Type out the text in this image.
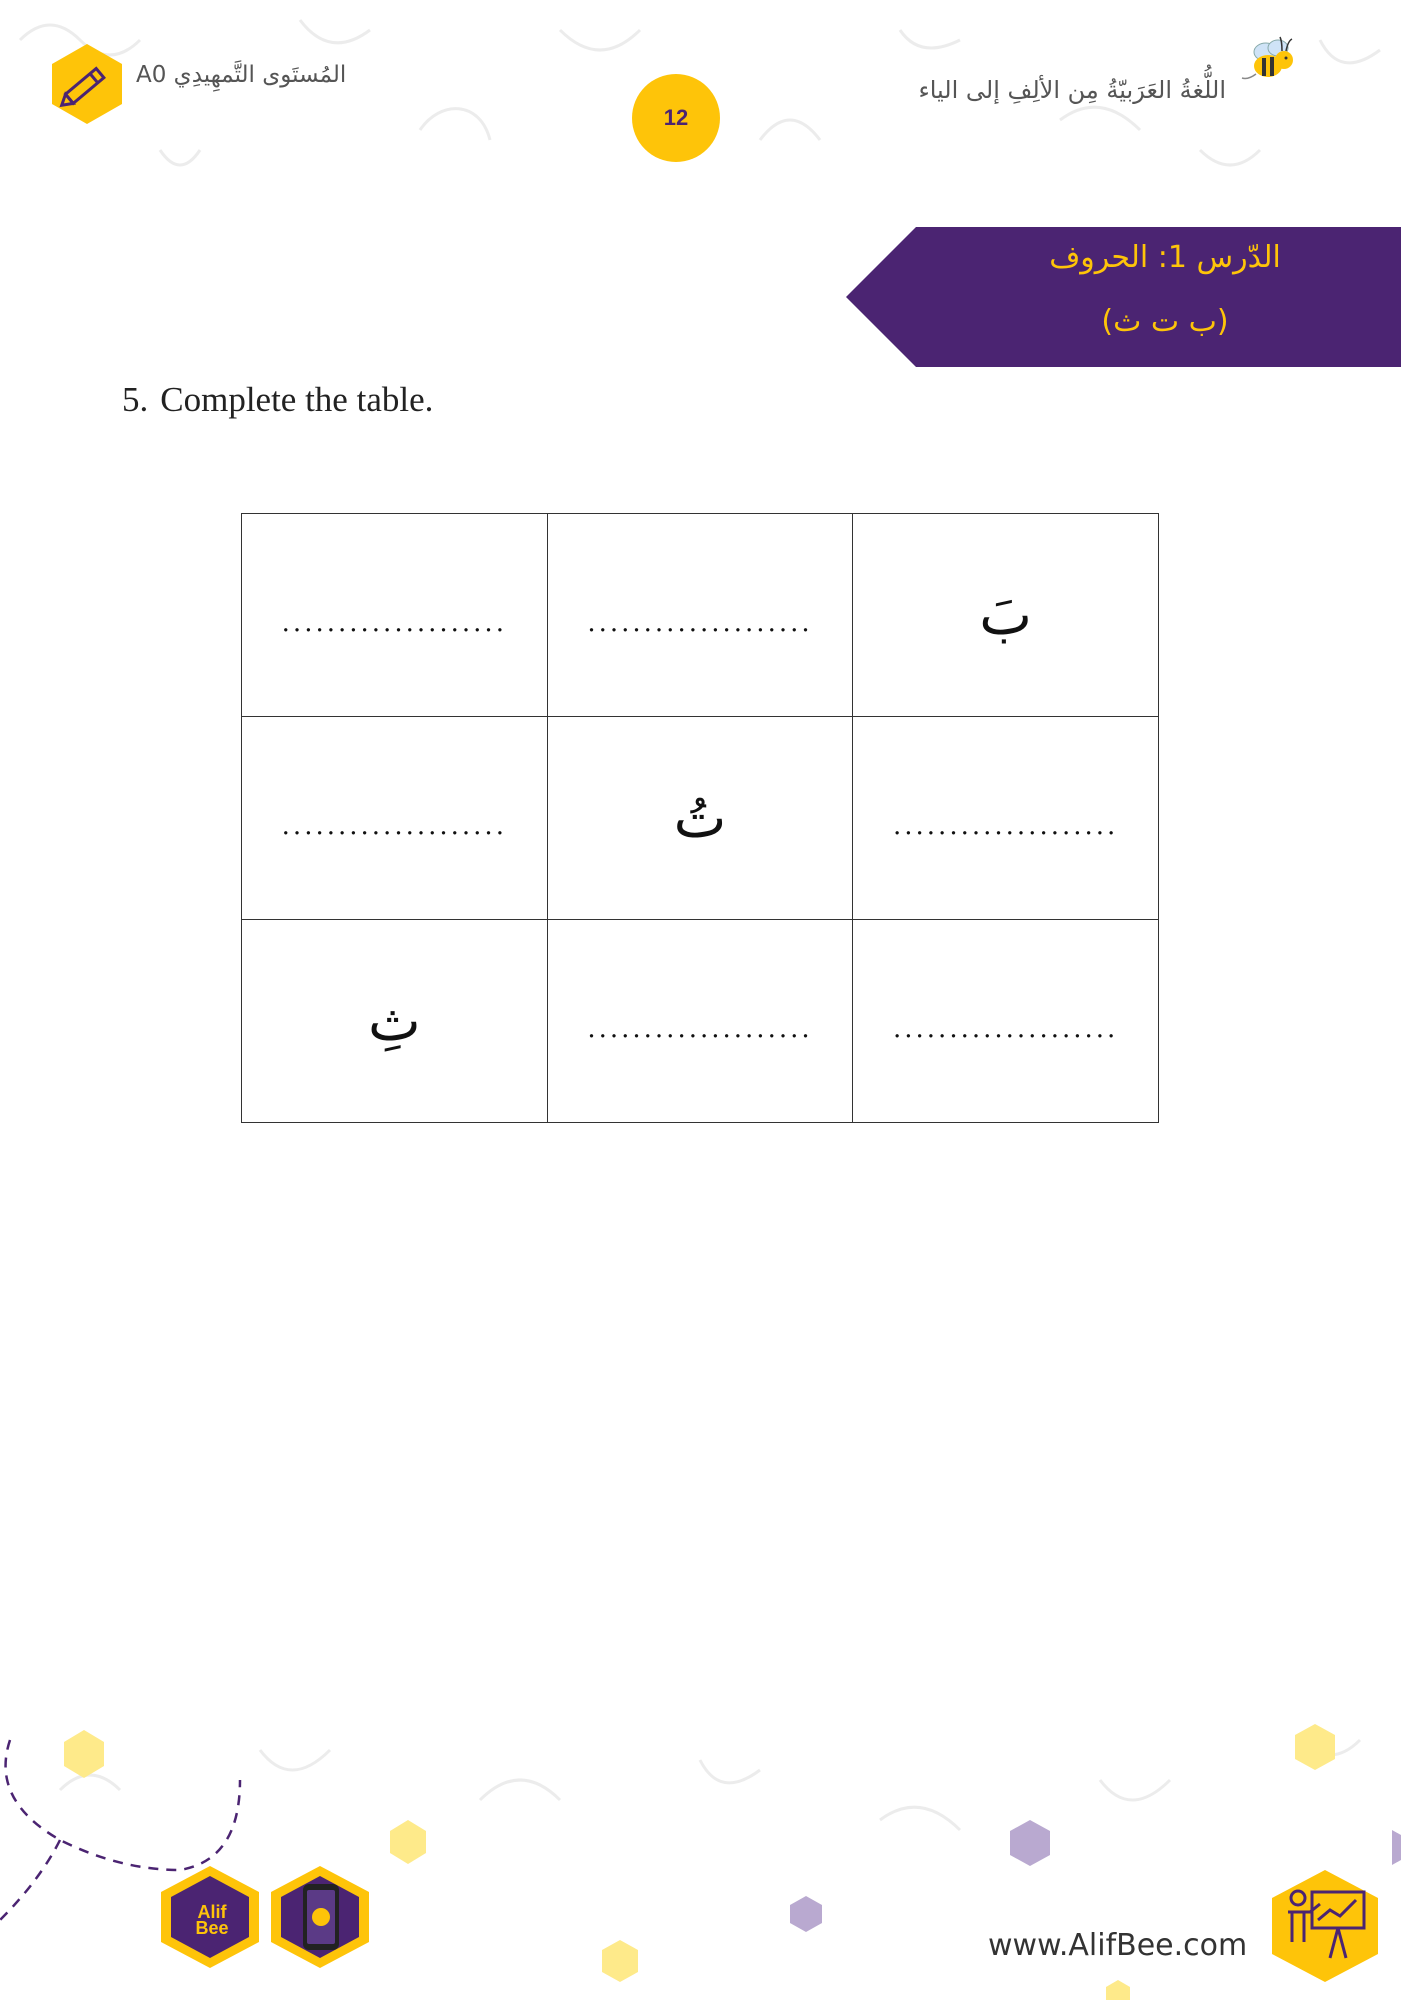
المُستَوى التَّمهِيدِي A0
12
اللُّغةُ العَرَبيّةُ مِن الألِفِ إلى الياء
الدّرس 1: الحروف
(ب ت ث)
5. Complete the table.
....................	....................	بَ
....................	تُ	....................
ثِ	....................	....................
Alif
Bee	www.AlifBee.com
